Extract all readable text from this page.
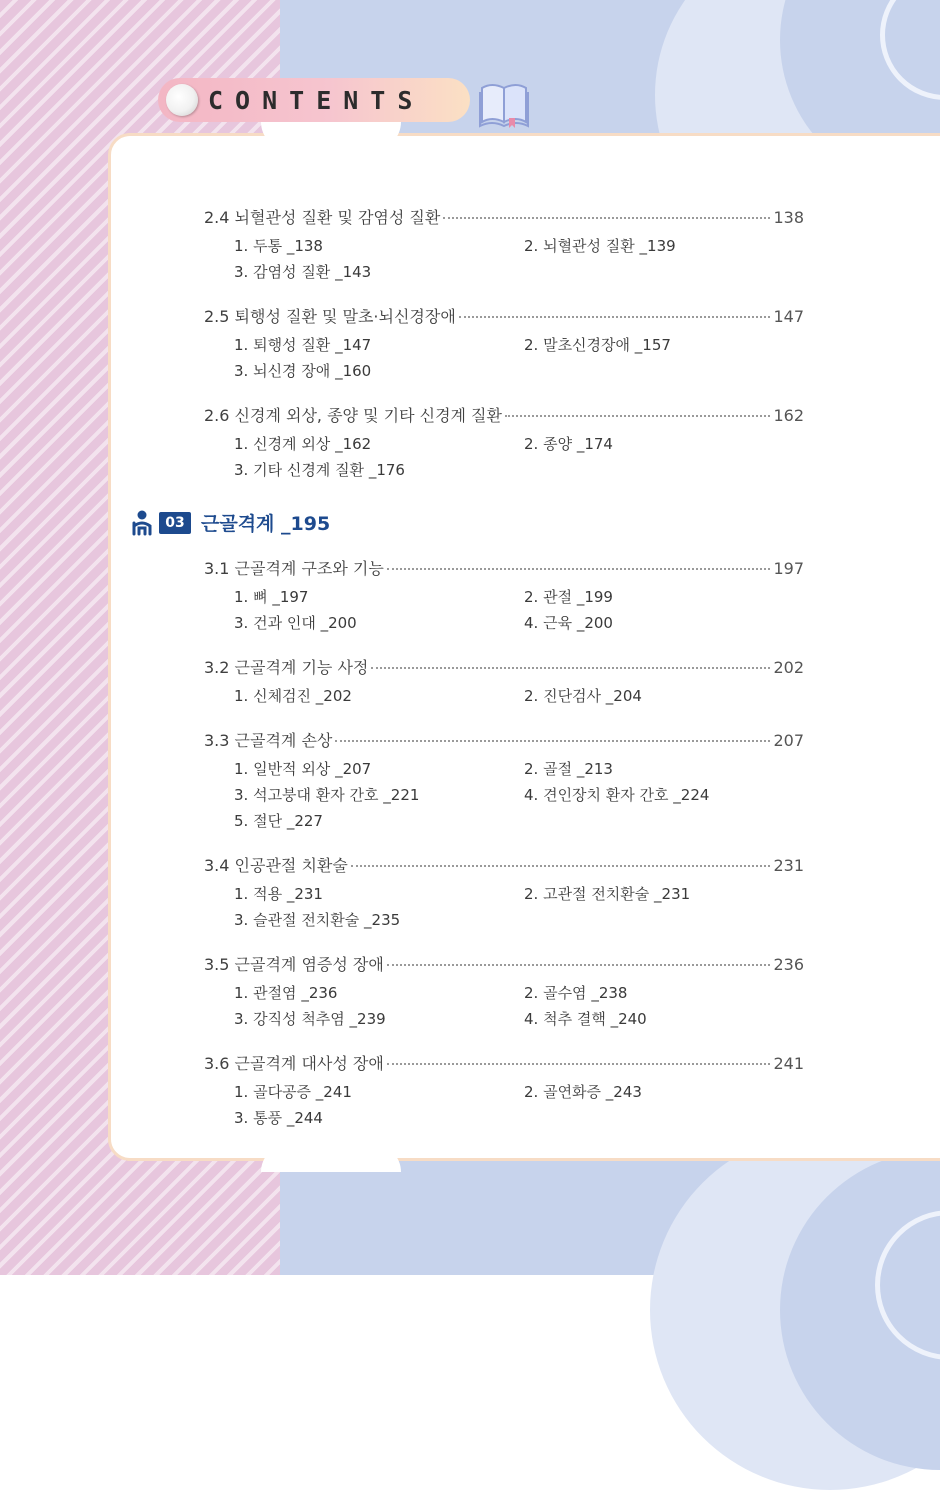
CONTENTS
2.4 뇌혈관성 질환 및 감염성 질환	138
1. 두통 _138	2. 뇌혈관성 질환 _139
3. 감염성 질환 _143
2.5 퇴행성 질환 및 말초·뇌신경장애	147
1. 퇴행성 질환 _147	2. 말초신경장애 _157
3. 뇌신경 장애 _160
2.6 신경계 외상, 종양 및 기타 신경계 질환	162
1. 신경계 외상 _162	2. 종양 _174
3. 기타 신경계 질환 _176
3.1 근골격계 구조와 기능	197
1. 뼈 _197	2. 관절 _199
3. 건과 인대 _200	4. 근육 _200
3.2 근골격계 기능 사정	202
1. 신체검진 _202	2. 진단검사 _204
3.3 근골격계 손상	207
1. 일반적 외상 _207	2. 골절 _213
3. 석고붕대 환자 간호 _221	4. 견인장치 환자 간호 _224
5. 절단 _227
3.4 인공관절 치환술	231
1. 적용 _231	2. 고관절 전치환술 _231
3. 슬관절 전치환술 _235
3.5 근골격계 염증성 장애	236
1. 관절염 _236	2. 골수염 _238
3. 강직성 척추염 _239	4. 척추 결핵 _240
3.6 근골격계 대사성 장애	241
1. 골다공증 _241	2. 골연화증 _243
3. 통풍 _244
03 근골격계 _195
